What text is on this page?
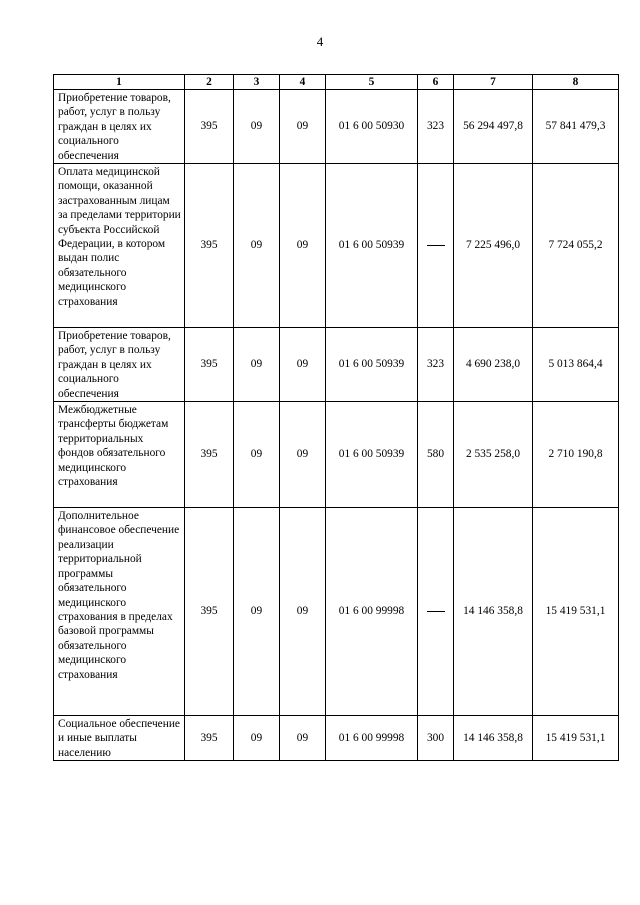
4
1	2	3	4	5	6	7	8
Приобретение товаров, работ, услуг в пользу граждан в целях их социального обеспечения	395	09	09	01 6 00 50930	323	56 294 497,8	57 841 479,3
Оплата медицинской помощи, оказанной застрахованным лицам за пределами территории субъекта Российской Федерации, в котором выдан полис обязательного медицинского страхования	395	09	09	01 6 00 50939		7 225 496,0	7 724 055,2
Приобретение товаров, работ, услуг в пользу граждан в целях их социального обеспечения	395	09	09	01 6 00 50939	323	4 690 238,0	5 013 864,4
Межбюджетные трансферты бюджетам территориальных фондов обязательного медицинского страхования	395	09	09	01 6 00 50939	580	2 535 258,0	2 710 190,8
Дополнительное финансовое обеспечение реализации территориальной программы обязательного медицинского страхования в пределах базовой программы обязательного медицинского страхования	395	09	09	01 6 00 99998		14 146 358,8	15 419 531,1
Социальное обеспечение и иные выплаты населению	395	09	09	01 6 00 99998	300	14 146 358,8	15 419 531,1
